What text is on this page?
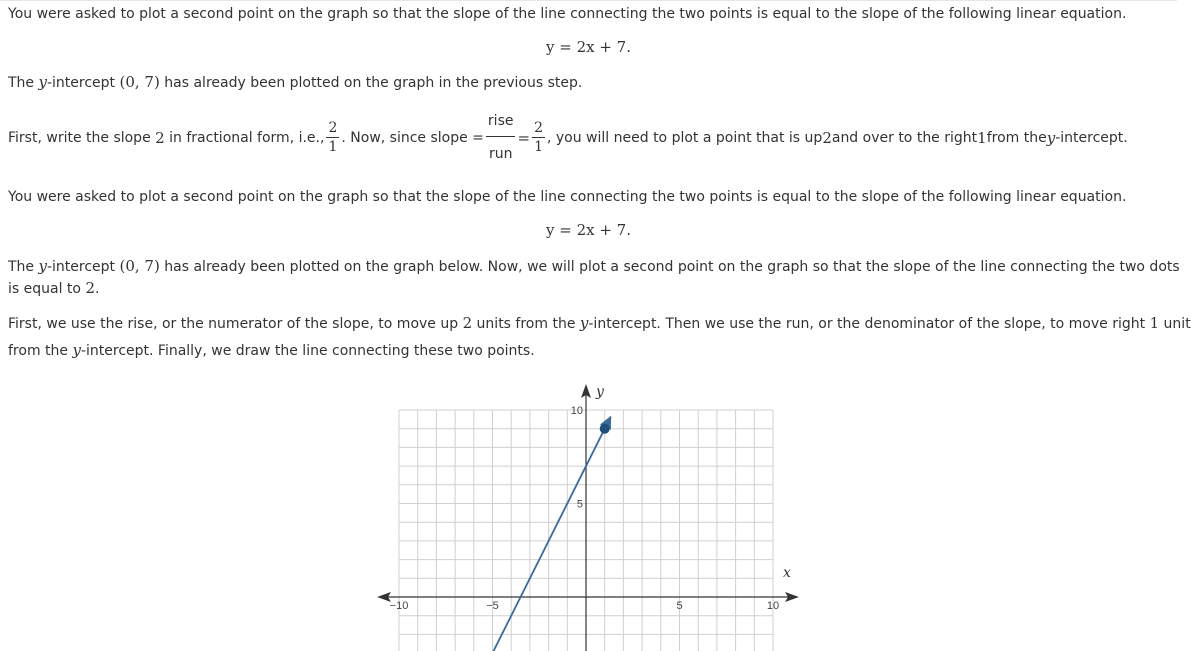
You were asked to plot a second point on the graph so that the slope of the line connecting the two points is equal to the slope of the following linear equation.
y = 2x + 7.
The y-intercept (0, 7) has already been plotted on the graph in the previous step.
First, write the slope
2
in fractional form, i.e., $\frac{2}{1}$ . Now, since slope = $\frac{\text{rise}}{\text{run}} = \frac{2}{1}$ , you will need to plot a point that is up 2 and over to the right 1 from the y -intercept.
You were asked to plot a second point on the graph so that the slope of the line connecting the two points is equal to the slope of the following linear equation.
y = 2x + 7.
The y-intercept (0, 7) has already been plotted on the graph below. Now, we will plot a second point on the graph so that the slope of the line connecting the two dots
is equal to 2.
First, we use the rise, or the numerator of the slope, to move up 2 units from the y-intercept. Then we use the run, or the denominator of the slope, to move right 1 unit
from the y-intercept. Finally, we draw the line connecting these two points.
x
y
−10	−5	5	10
10
5
